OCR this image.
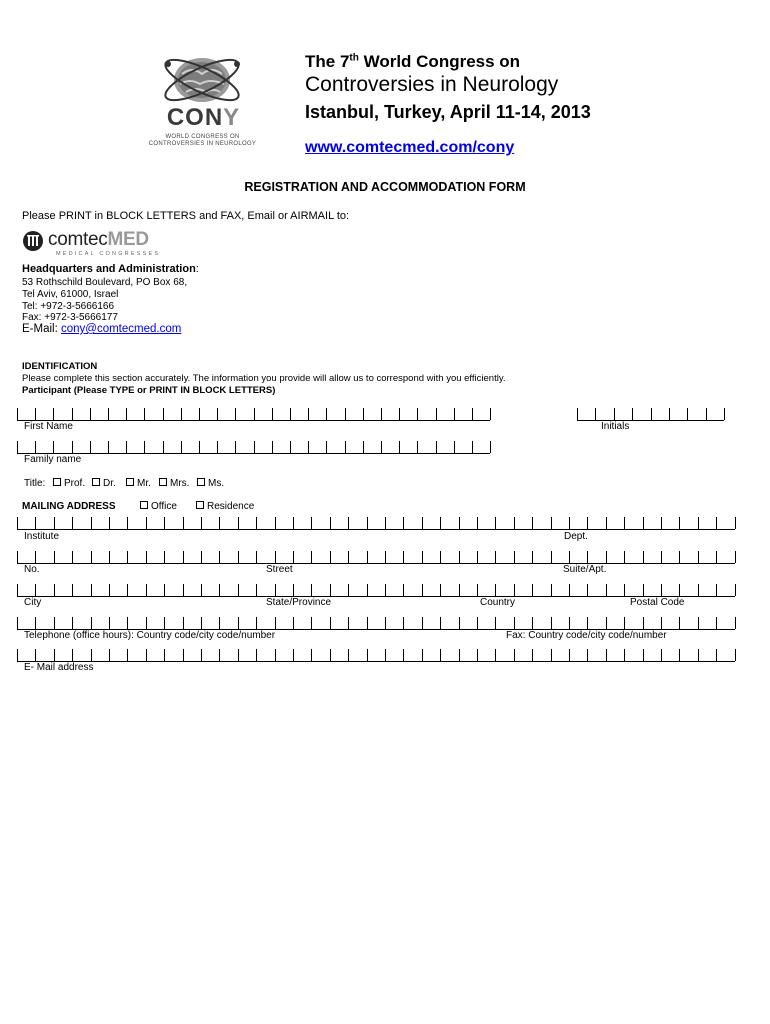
CONY
WORLD CONGRESS ON
CONTROVERSIES IN NEUROLOGY
The 7th World Congress on
Controversies in Neurology
Istanbul, Turkey, April 11-14, 2013
www.comtecmed.com/cony
REGISTRATION AND ACCOMMODATION FORM
Please PRINT in BLOCK LETTERS and FAX, Email or AIRMAIL to:
comtecMED
MEDICAL CONGRESSES
Headquarters and Administration:
53 Rothschild Boulevard, PO Box 68,
Tel Aviv, 61000, Israel
Tel: +972-3-5666166
Fax: +972-3-5666177
E-Mail: cony@comtecmed.com
IDENTIFICATION
Please complete this section accurately. The information you provide will allow us to correspond with you efficiently.
Participant (Please TYPE or PRINT IN BLOCK LETTERS)
First Name	Initials
Family name
Title:	Prof.	Dr.	Mr.	Mrs.	Ms.
MAILING ADDRESS	Office	Residence
Institute	Dept.
No.	Street	Suite/Apt.
City	State/Province	Country	Postal Code
Telephone (office hours): Country code/city code/number	Fax: Country code/city code/number
E- Mail address
